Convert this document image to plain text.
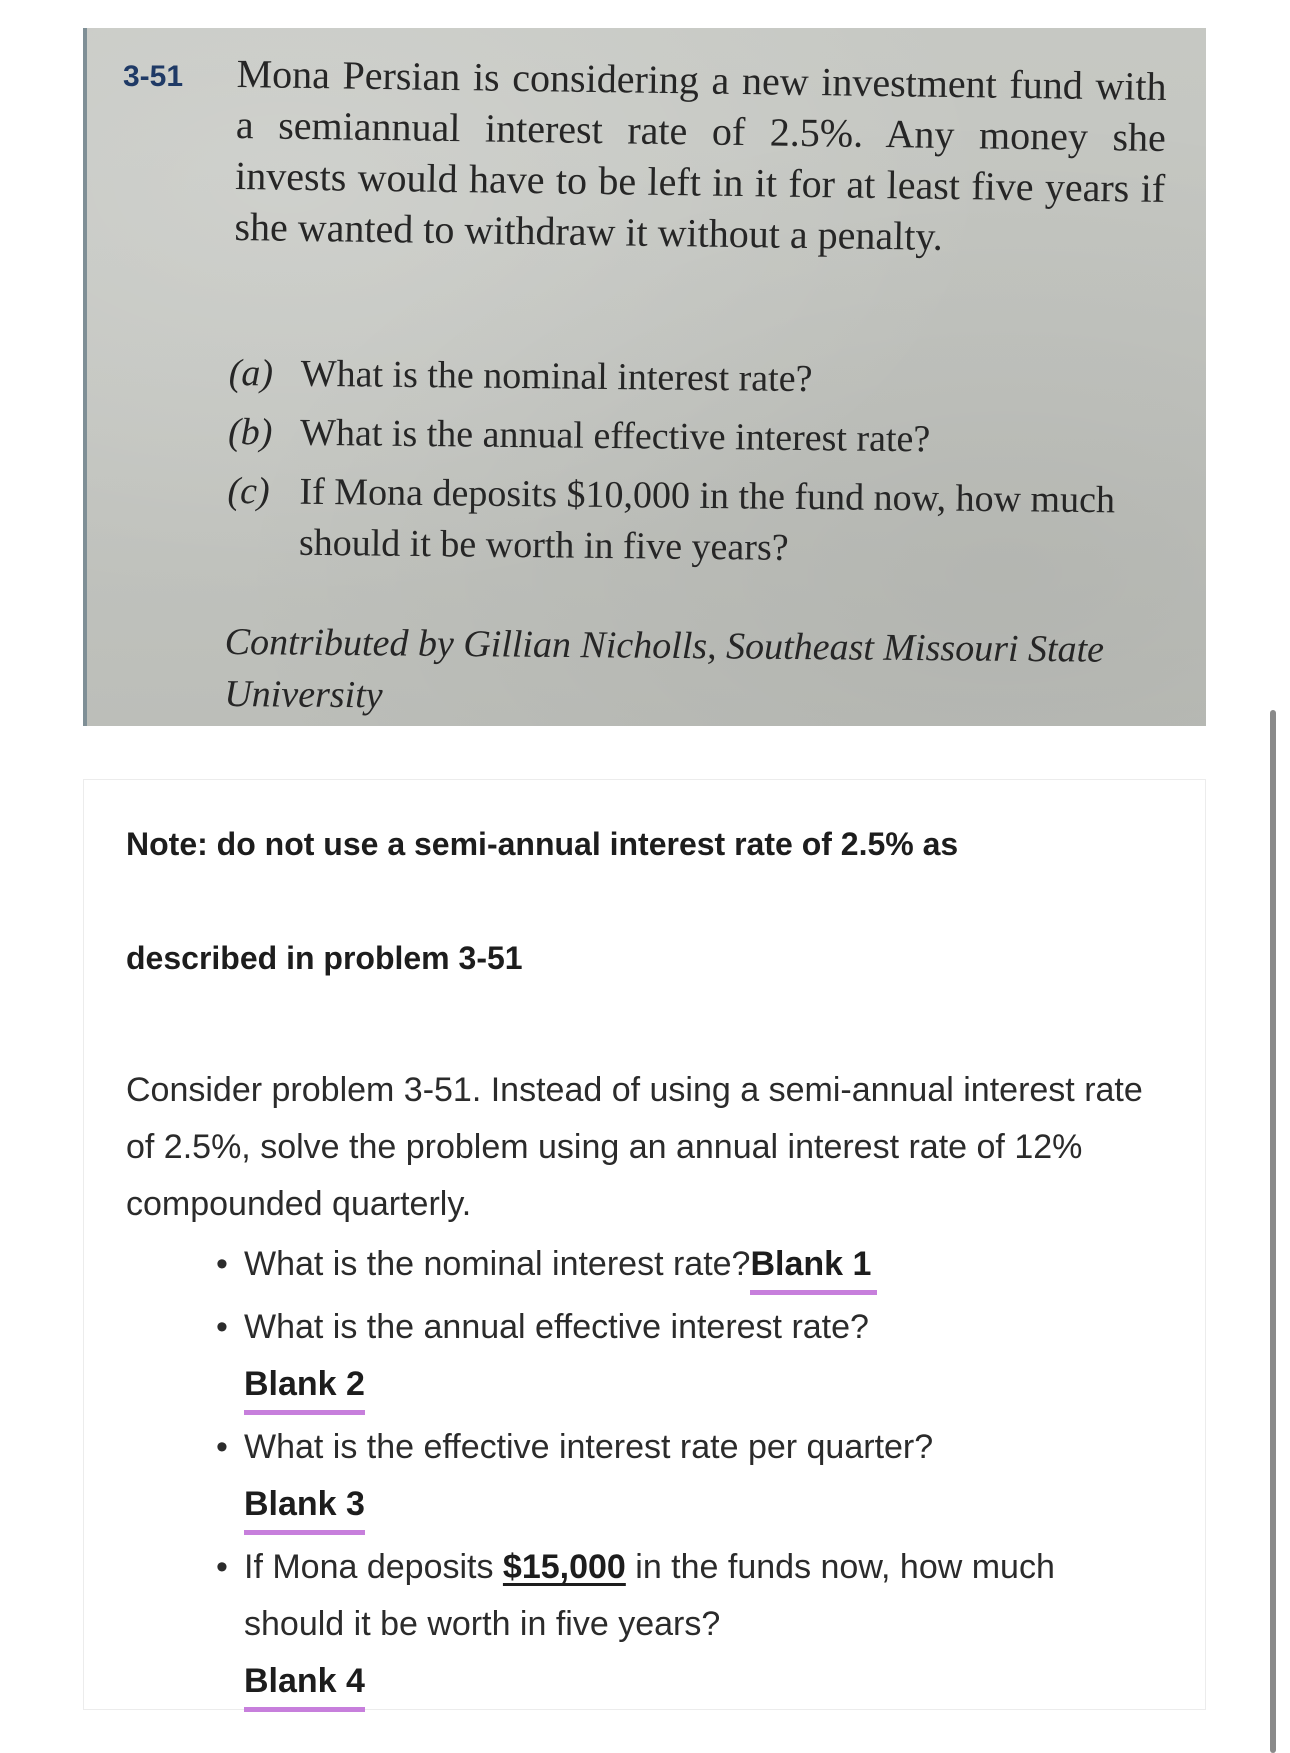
3-51 Mona Persian is considering a new investment fund with a semiannual interest rate of 2.5%. Any money she invests would have to be left in it for at least five years if she wanted to withdraw it without a penalty.
(a) What is the nominal interest rate?
(b) What is the annual effective interest rate?
(c) If Mona deposits $10,000 in the fund now, how much should it be worth in five years?
Contributed by Gillian Nicholls, Southeast Missouri State University
Note: do not use a semi-annual interest rate of 2.5% as
described in problem 3-51
Consider problem 3-51. Instead of using a semi-annual interest rate of 2.5%, solve the problem using an annual interest rate of 12% compounded quarterly.
• What is the nominal interest rate?Blank 1
• What is the annual effective interest rate?
Blank 2
• What is the effective interest rate per quarter?
Blank 3
• If Mona deposits $15,000 in the funds now, how much should it be worth in five years?
Blank 4
